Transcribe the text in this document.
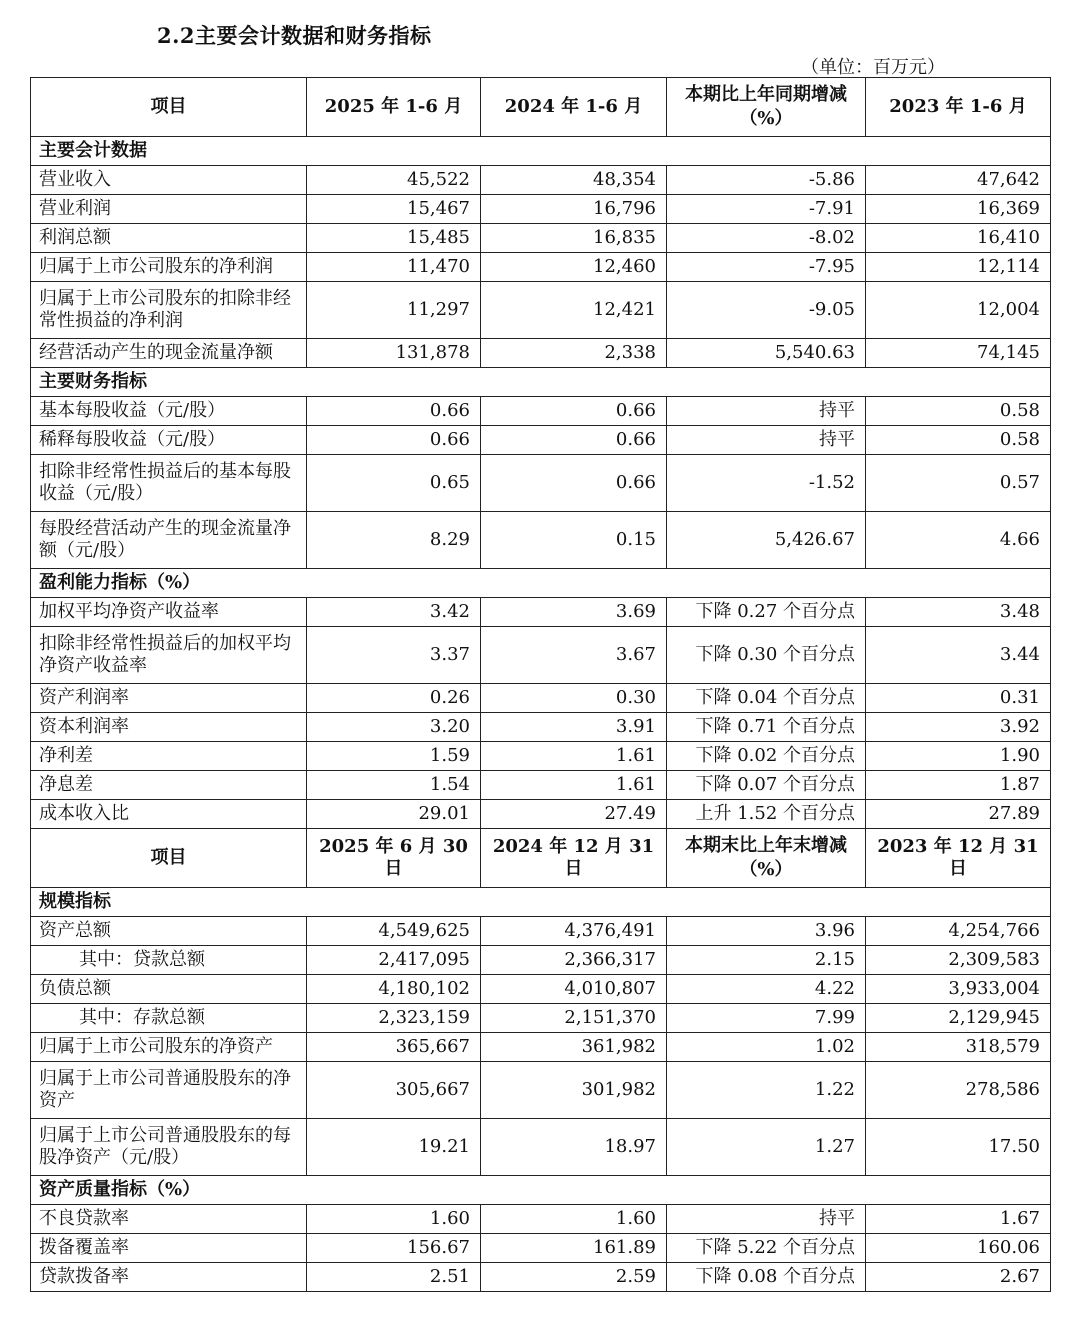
2.2主要会计数据和财务指标
（单位：百万元）
项目	2025 年 1-6 月	2024 年 1-6 月	本期比上年同期增减（%）	2023 年 1-6 月
主要会计数据				
营业收入	45,522	48,354	-5.86	47,642
营业利润	15,467	16,796	-7.91	16,369
利润总额	15,485	16,835	-8.02	16,410
归属于上市公司股东的净利润	11,470	12,460	-7.95	12,114
归属于上市公司股东的扣除非经常性损益的净利润	11,297	12,421	-9.05	12,004
经营活动产生的现金流量净额	131,878	2,338	5,540.63	74,145
主要财务指标				
基本每股收益（元/股）	0.66	0.66	持平	0.58
稀释每股收益（元/股）	0.66	0.66	持平	0.58
扣除非经常性损益后的基本每股收益（元/股）	0.65	0.66	-1.52	0.57
每股经营活动产生的现金流量净额（元/股）	8.29	0.15	5,426.67	4.66
盈利能力指标（%）				
加权平均净资产收益率	3.42	3.69	下降 0.27 个百分点	3.48
扣除非经常性损益后的加权平均净资产收益率	3.37	3.67	下降 0.30 个百分点	3.44
资产利润率	0.26	0.30	下降 0.04 个百分点	0.31
资本利润率	3.20	3.91	下降 0.71 个百分点	3.92
净利差	1.59	1.61	下降 0.02 个百分点	1.90
净息差	1.54	1.61	下降 0.07 个百分点	1.87
成本收入比	29.01	27.49	上升 1.52 个百分点	27.89
项目	2025 年 6 月 30 日	2024 年 12 月 31 日	本期末比上年末增减（%）	2023 年 12 月 31 日
规模指标				
资产总额	4,549,625	4,376,491	3.96	4,254,766
其中：贷款总额	2,417,095	2,366,317	2.15	2,309,583
负债总额	4,180,102	4,010,807	4.22	3,933,004
其中：存款总额	2,323,159	2,151,370	7.99	2,129,945
归属于上市公司股东的净资产	365,667	361,982	1.02	318,579
归属于上市公司普通股股东的净资产	305,667	301,982	1.22	278,586
归属于上市公司普通股股东的每股净资产（元/股）	19.21	18.97	1.27	17.50
资产质量指标（%）				
不良贷款率	1.60	1.60	持平	1.67
拨备覆盖率	156.67	161.89	下降 5.22 个百分点	160.06
贷款拨备率	2.51	2.59	下降 0.08 个百分点	2.67
